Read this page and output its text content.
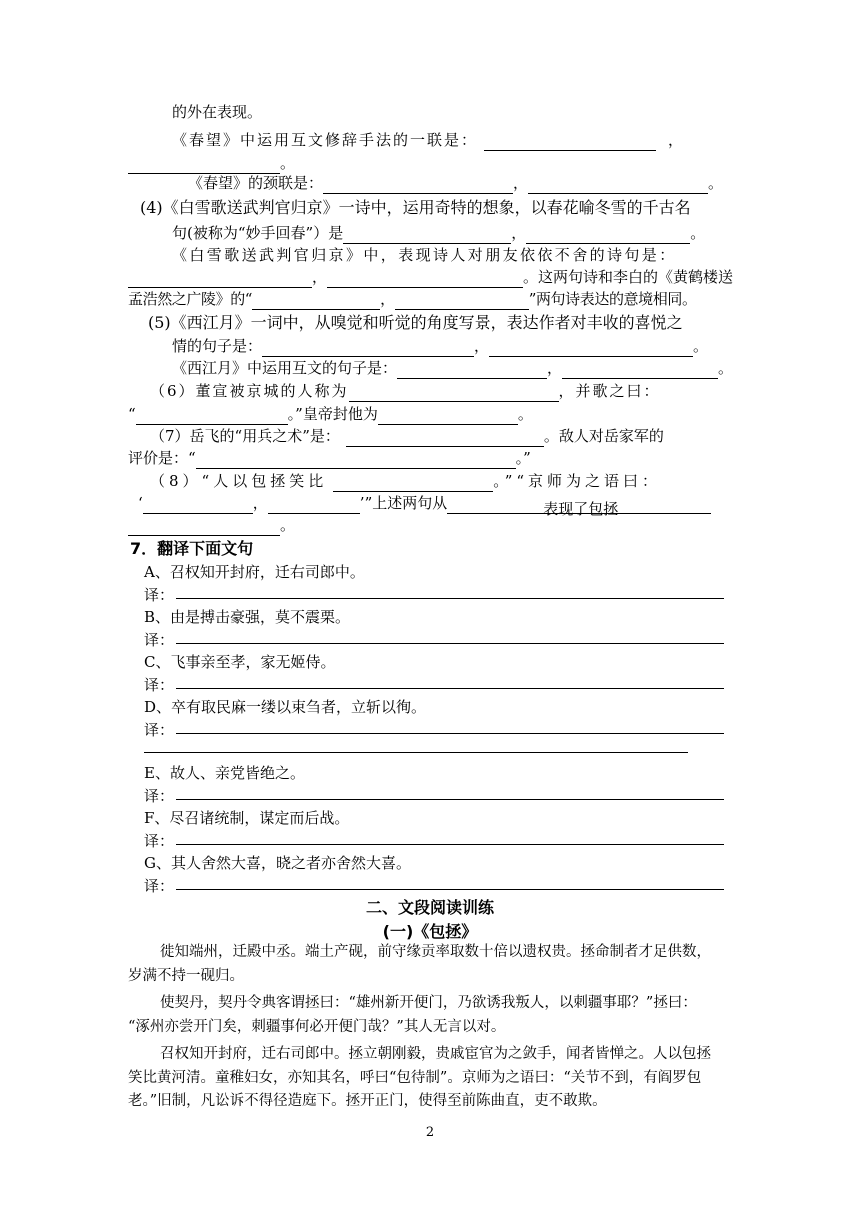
的外在表现。
《春望》中运用互文修辞手法的一联是：	，
。
《春望》的颈联是：	，	。
(4)《白雪歌送武判官归京》一诗中，运用奇特的想象，以春花喻冬雪的千古名
句(被称为“妙手回春”）是	，	。
《白雪歌送武判官归京》中，表现诗人对朋友依依不舍的诗句是：
，	。这两句诗和李白的《黄鹤楼送
孟浩然之广陵》的“	，	”两句诗表达的意境相同。
(5)《西江月》一词中，从嗅觉和听觉的角度写景，表达作者对丰收的喜悦之
情的句子是：	，	。
《西江月》中运用互文的句子是：	，	。
（6）董宣被京城的人称为	，并歌之曰：
“	。”皇帝封他为	。
（7）岳飞的“用兵之术”是：	。敌人对岳家军的
评价是：“	。”
（8）“人以包拯笑比	。”“京师为之语曰：
‘	，	’”上述两句从	表现了包拯
。
7．翻译下面文句
A、召权知开封府，迁右司郎中。
译：
B、由是搏击豪强，莫不震栗。
译：
C、飞事亲至孝，家无姬侍。
译：
D、卒有取民麻一缕以束刍者，立斩以徇。
译：
E、故人、亲党皆绝之。
译：
F、尽召诸统制，谋定而后战。
译：
G、其人舍然大喜，晓之者亦舍然大喜。
译：
二、文段阅读训练
(一)《包拯》
徙知端州，迁殿中丞。端土产砚，前守缘贡率取数十倍以遗权贵。拯命制者才足供数，
岁满不持一砚归。
使契丹，契丹令典客谓拯曰：“雄州新开便门，乃欲诱我叛人，以刺疆事耶？”拯曰：
“涿州亦尝开门矣，刺疆事何必开便门哉？”其人无言以对。
召权知开封府，迁右司郎中。拯立朝刚毅，贵戚宦官为之敛手，闻者皆惮之。人以包拯
笑比黄河清。童稚妇女，亦知其名，呼曰“包待制”。京师为之语曰：“关节不到，有阎罗包
老。”旧制，凡讼诉不得径造庭下。拯开正门，使得至前陈曲直，吏不敢欺。
2
